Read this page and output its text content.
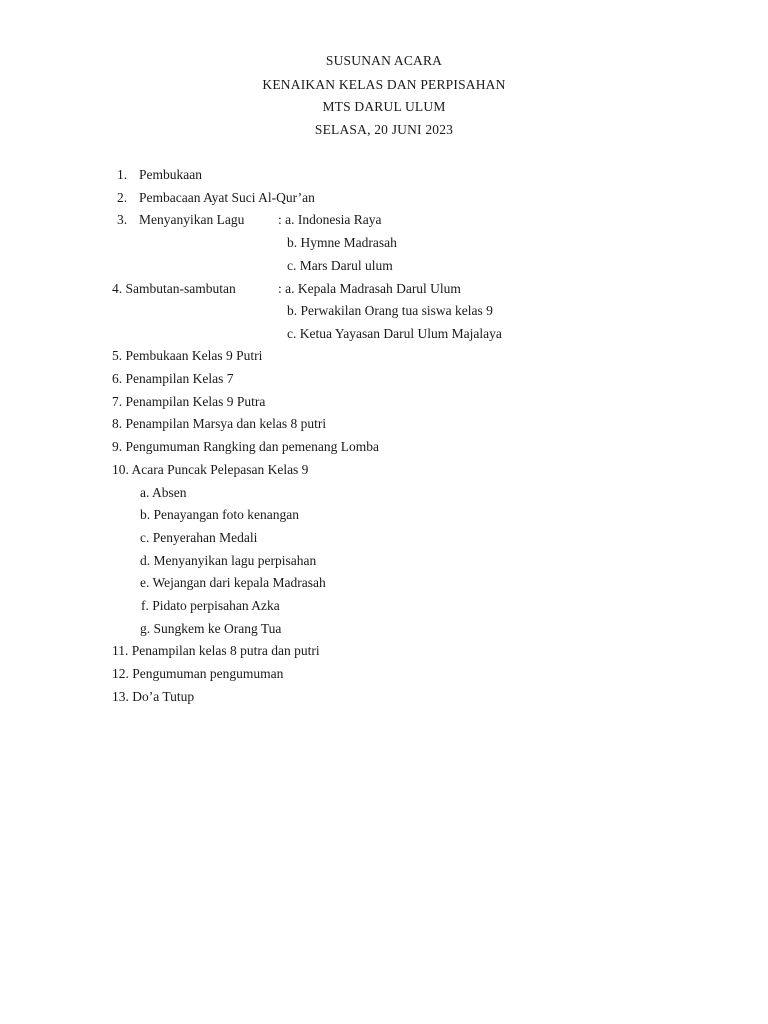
SUSUNAN ACARA
KENAIKAN KELAS DAN PERPISAHAN
MTS DARUL ULUM
SELASA, 20 JUNI 2023
1. Pembukaan
2. Pembacaan Ayat Suci Al-Qur’an
3. Menyanyikan Lagu : a. Indonesia Raya
b. Hymne Madrasah
c. Mars Darul ulum
4. Sambutan-sambutan	: a. Kepala Madrasah Darul Ulum
b. Perwakilan Orang tua siswa kelas 9
c. Ketua Yayasan Darul Ulum Majalaya
5. Pembukaan Kelas 9 Putri
6. Penampilan Kelas 7
7. Penampilan Kelas 9 Putra
8. Penampilan Marsya dan kelas 8 putri
9. Pengumuman Rangking dan pemenang Lomba
10. Acara Puncak Pelepasan Kelas 9
a. Absen
b. Penayangan foto kenangan
c. Penyerahan Medali
d. Menyanyikan lagu perpisahan
e. Wejangan dari kepala Madrasah
f. Pidato perpisahan Azka
g. Sungkem ke Orang Tua
11. Penampilan kelas 8 putra dan putri
12. Pengumuman pengumuman
13. Do’a Tutup
